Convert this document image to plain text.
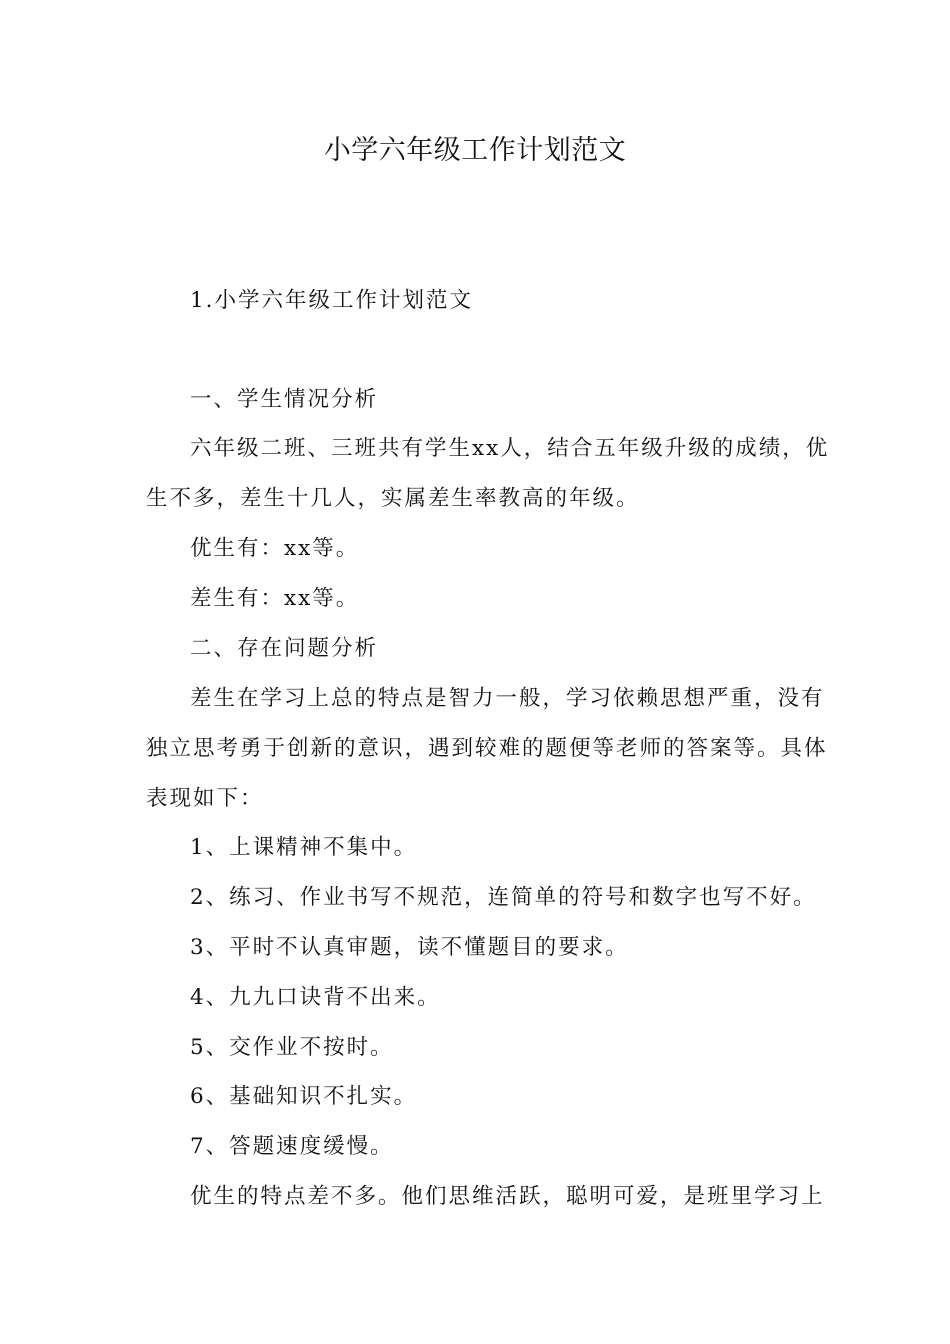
小学六年级工作计划范文

1.小学六年级工作计划范文

一、学生情况分析

六年级二班、三班共有学生xx人，结合五年级升级的成绩，优

生不多，差生十几人，实属差生率教高的年级。

优生有：xx等。

差生有：xx等。

二、存在问题分析

差生在学习上总的特点是智力一般，学习依赖思想严重，没有

独立思考勇于创新的意识，遇到较难的题便等老师的答案等。具体

表现如下：

1、上课精神不集中。

2、练习、作业书写不规范，连简单的符号和数字也写不好。

3、平时不认真审题，读不懂题目的要求。

4、九九口诀背不出来。

5、交作业不按时。

6、基础知识不扎实。

7、答题速度缓慢。

优生的特点差不多。他们思维活跃，聪明可爱，是班里学习上
